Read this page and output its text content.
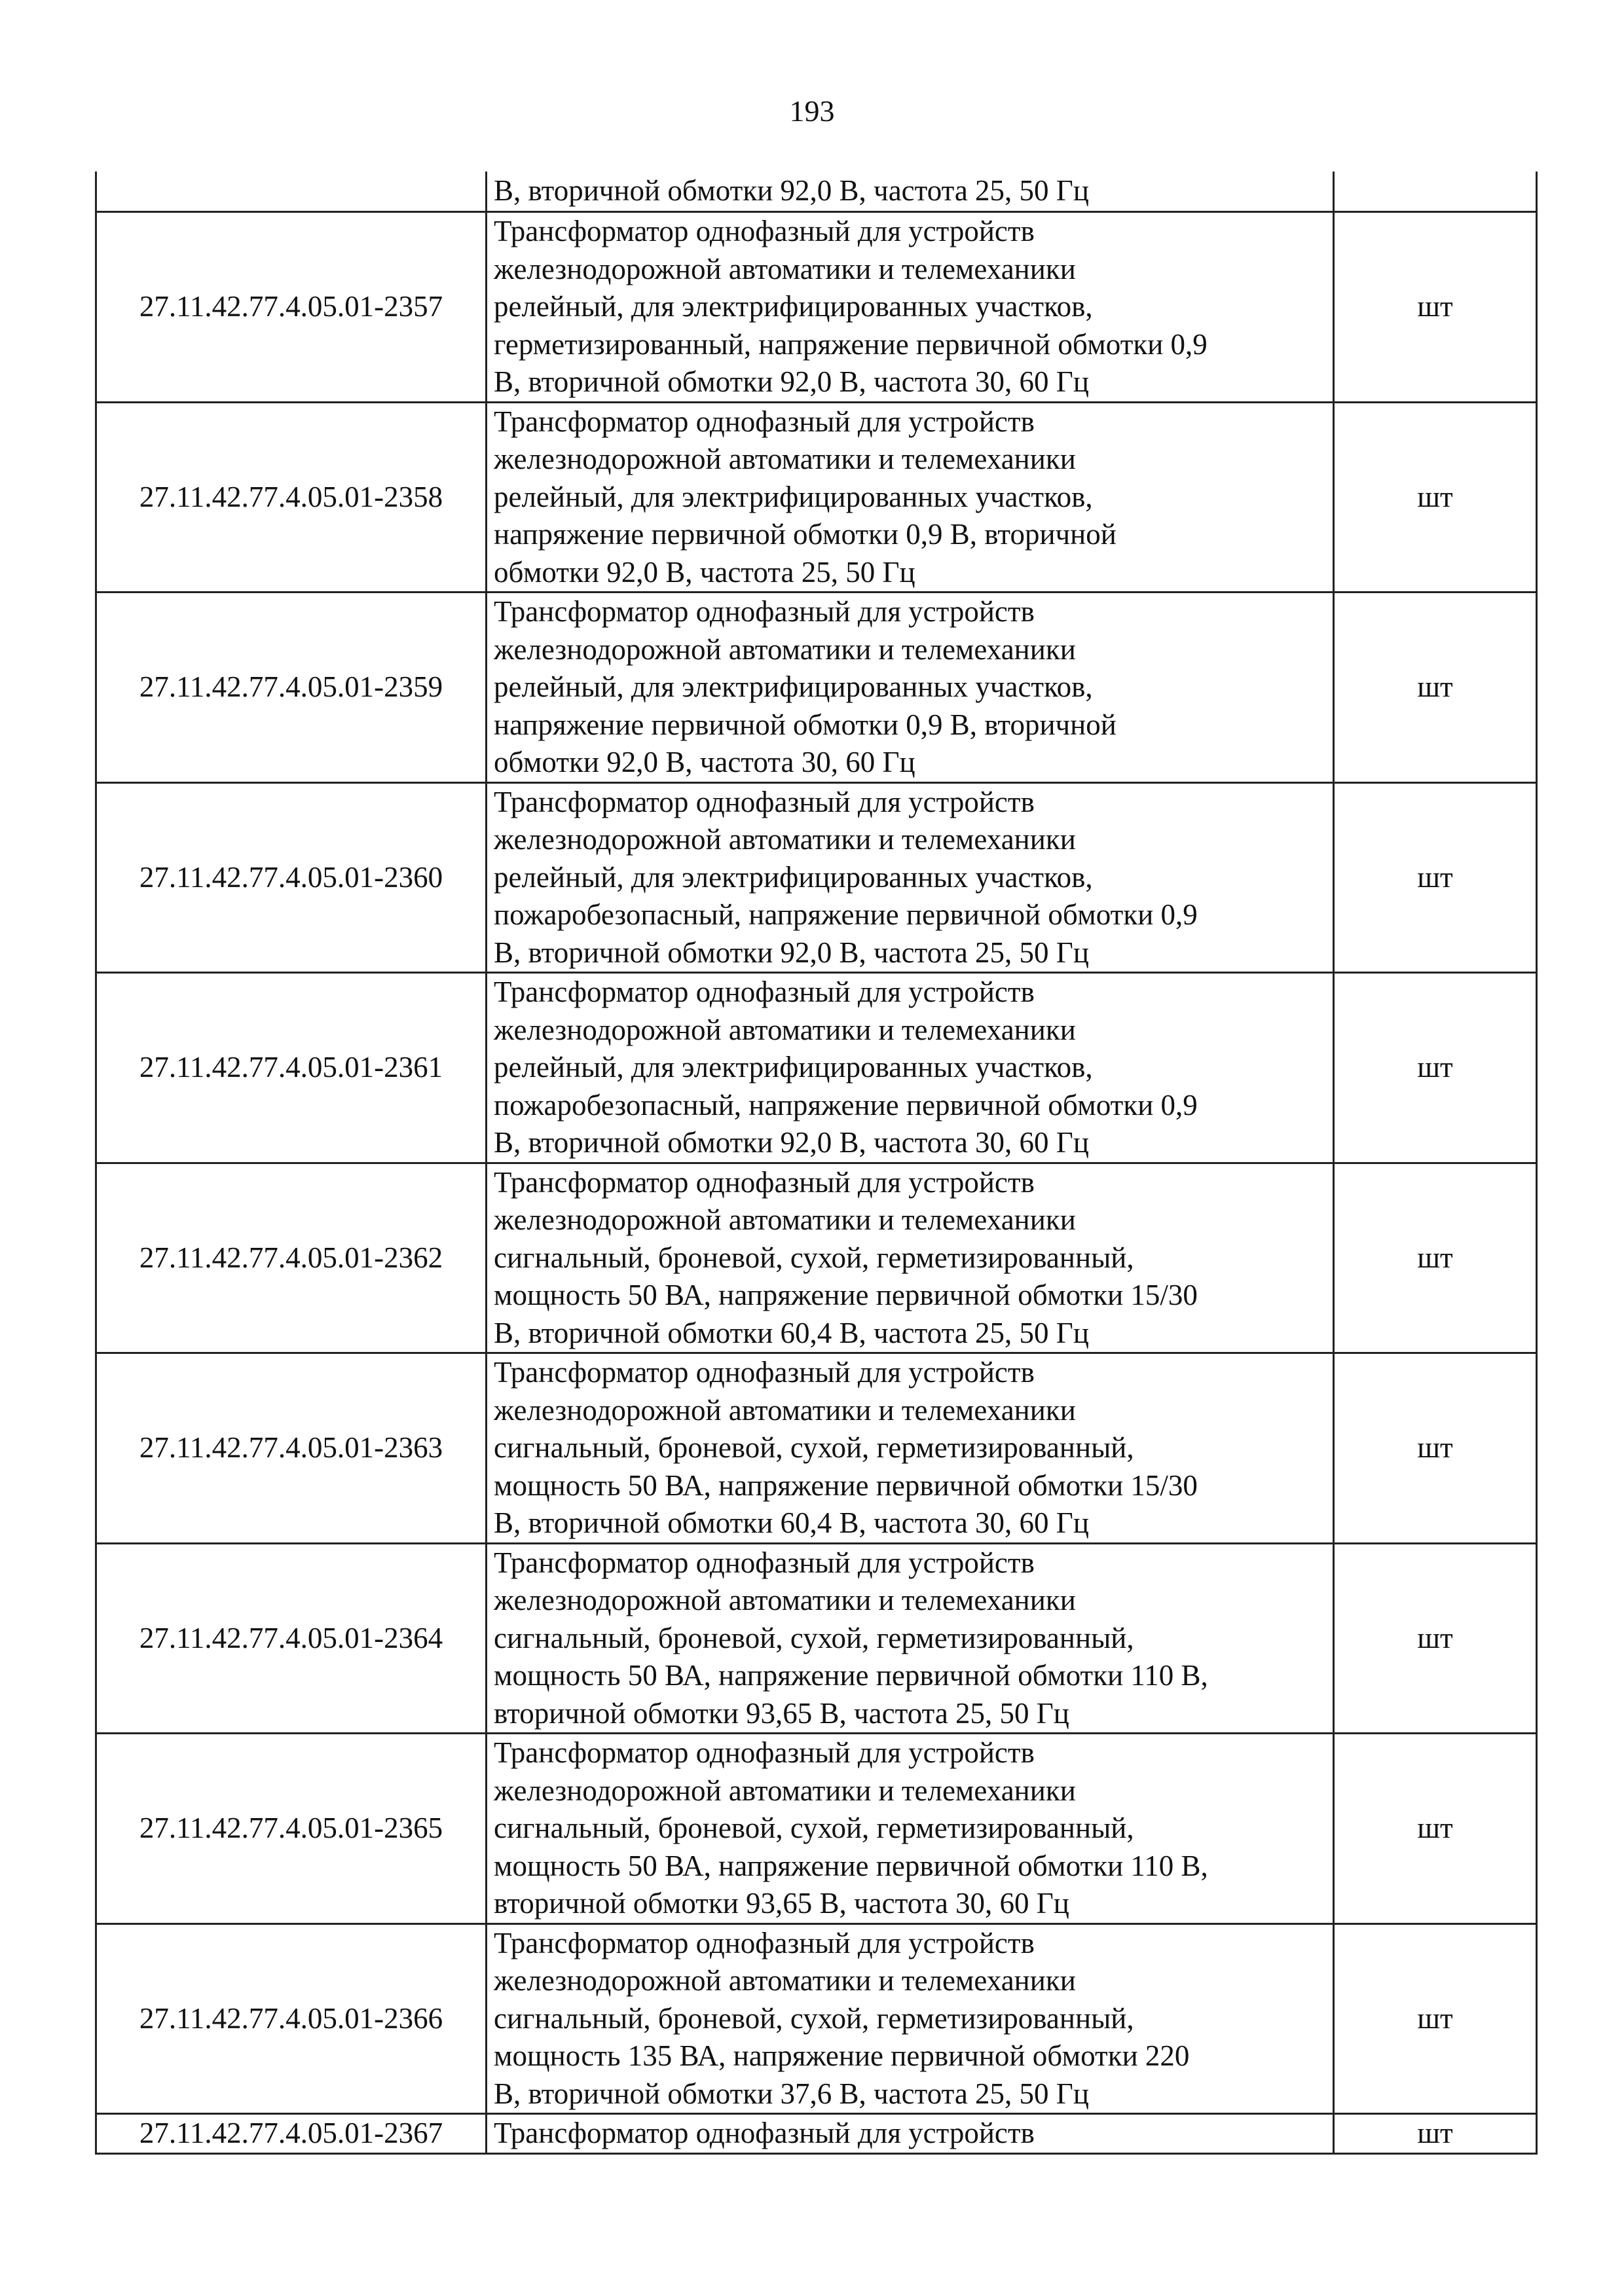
193

	В, вторичной обмотки 92,0 В, частота 25, 50 Гц	

27.11.42.77.4.05.01-2357	Трансформатор однофазный для устройств
железнодорожной автоматики и телемеханики
релейный, для электрифицированных участков,
герметизированный, напряжение первичной обмотки 0,9
В, вторичной обмотки 92,0 В, частота 30, 60 Гц	шт
27.11.42.77.4.05.01-2358	Трансформатор однофазный для устройств
железнодорожной автоматики и телемеханики
релейный, для электрифицированных участков,
напряжение первичной обмотки 0,9 В, вторичной
обмотки 92,0 В, частота 25, 50 Гц	шт
27.11.42.77.4.05.01-2359	Трансформатор однофазный для устройств
железнодорожной автоматики и телемеханики
релейный, для электрифицированных участков,
напряжение первичной обмотки 0,9 В, вторичной
обмотки 92,0 В, частота 30, 60 Гц	шт
27.11.42.77.4.05.01-2360	Трансформатор однофазный для устройств
железнодорожной автоматики и телемеханики
релейный, для электрифицированных участков,
пожаробезопасный, напряжение первичной обмотки 0,9
В, вторичной обмотки 92,0 В, частота 25, 50 Гц	шт
27.11.42.77.4.05.01-2361	Трансформатор однофазный для устройств
железнодорожной автоматики и телемеханики
релейный, для электрифицированных участков,
пожаробезопасный, напряжение первичной обмотки 0,9
В, вторичной обмотки 92,0 В, частота 30, 60 Гц	шт
27.11.42.77.4.05.01-2362	Трансформатор однофазный для устройств
железнодорожной автоматики и телемеханики
сигнальный, броневой, сухой, герметизированный,
мощность 50 ВА, напряжение первичной обмотки 15/30
В, вторичной обмотки 60,4 В, частота 25, 50 Гц	шт
27.11.42.77.4.05.01-2363	Трансформатор однофазный для устройств
железнодорожной автоматики и телемеханики
сигнальный, броневой, сухой, герметизированный,
мощность 50 ВА, напряжение первичной обмотки 15/30
В, вторичной обмотки 60,4 В, частота 30, 60 Гц	шт
27.11.42.77.4.05.01-2364	Трансформатор однофазный для устройств
железнодорожной автоматики и телемеханики
сигнальный, броневой, сухой, герметизированный,
мощность 50 ВА, напряжение первичной обмотки 110 В,
вторичной обмотки 93,65 В, частота 25, 50 Гц	шт
27.11.42.77.4.05.01-2365	Трансформатор однофазный для устройств
железнодорожной автоматики и телемеханики
сигнальный, броневой, сухой, герметизированный,
мощность 50 ВА, напряжение первичной обмотки 110 В,
вторичной обмотки 93,65 В, частота 30, 60 Гц	шт
27.11.42.77.4.05.01-2366	Трансформатор однофазный для устройств
железнодорожной автоматики и телемеханики
сигнальный, броневой, сухой, герметизированный,
мощность 135 ВА, напряжение первичной обмотки 220
В, вторичной обмотки 37,6 В, частота 25, 50 Гц	шт
27.11.42.77.4.05.01-2367	Трансформатор однофазный для устройств	шт
